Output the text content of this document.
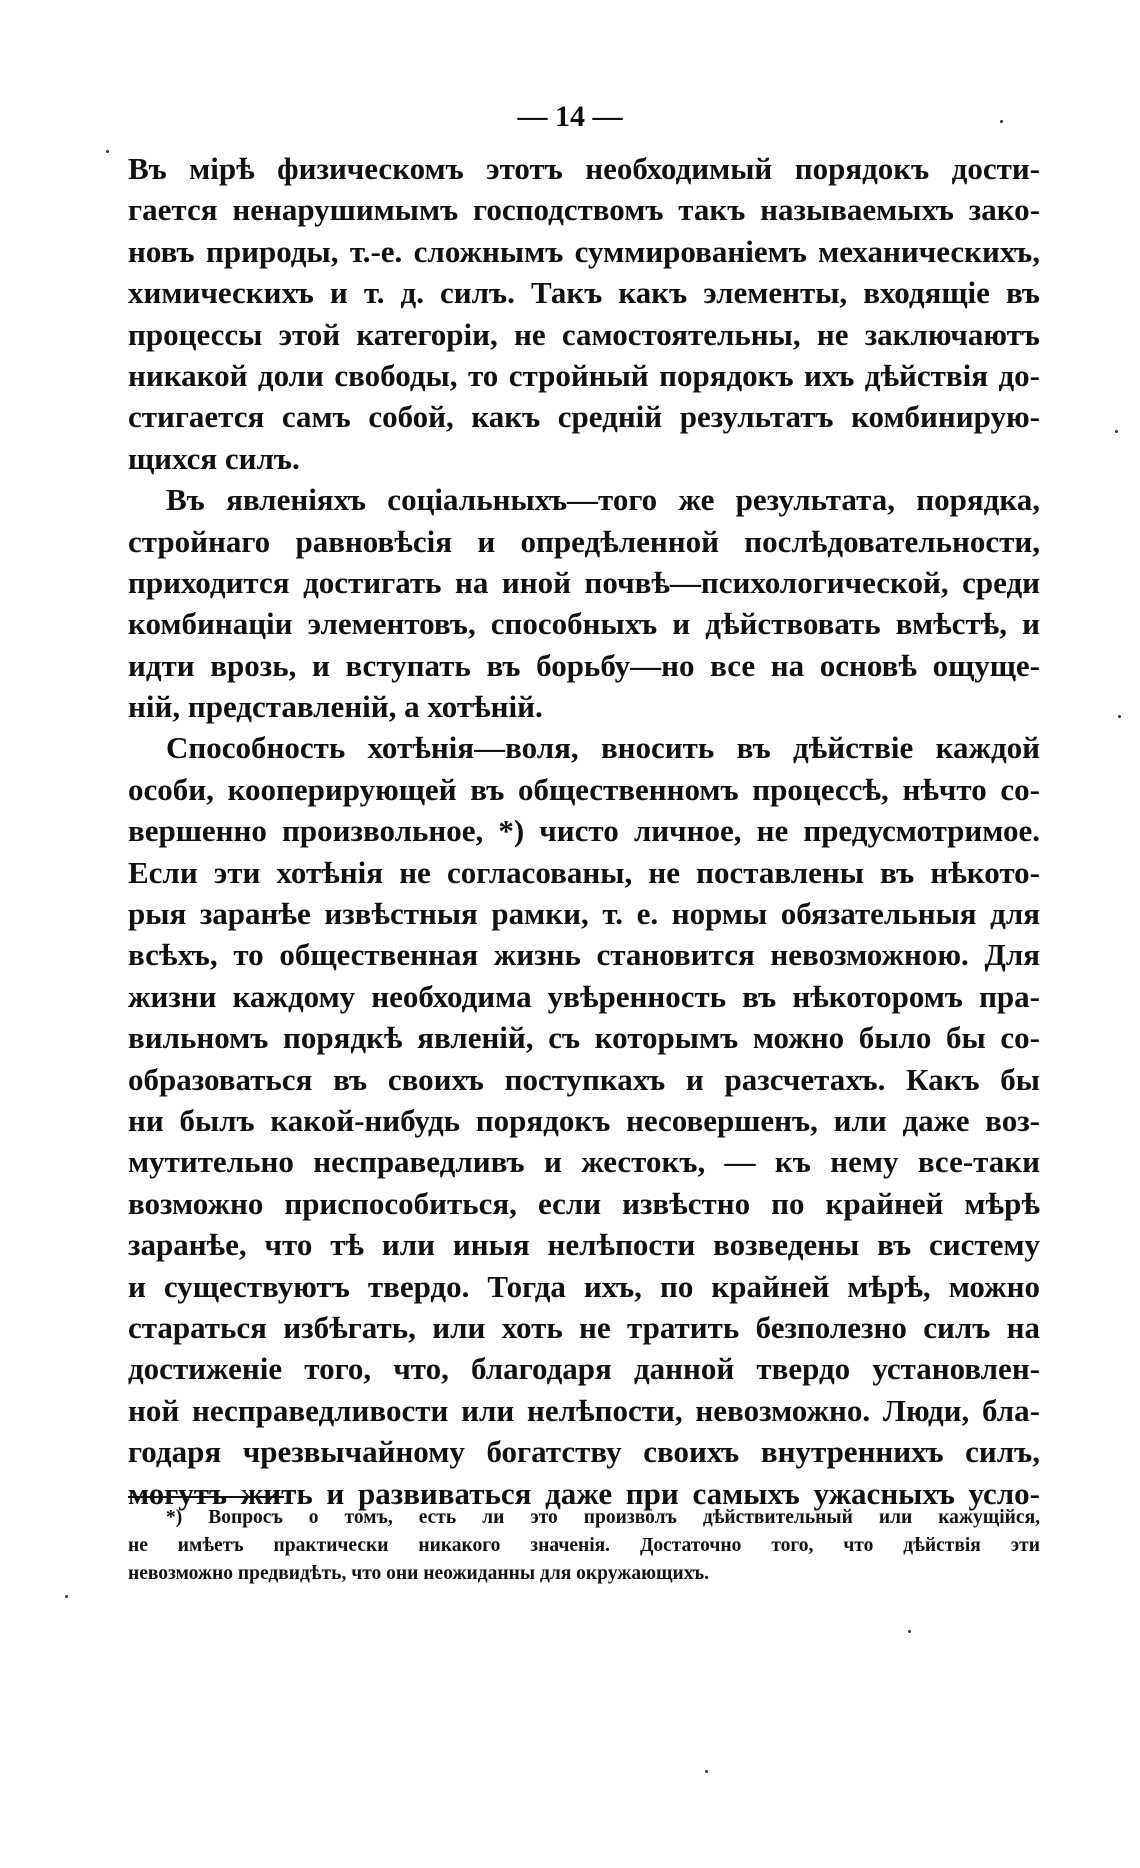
— 14 —
Въ мірѣ физическомъ этотъ необходимый порядокъ дости-
гается ненарушимымъ господствомъ такъ называемыхъ зако-
новъ природы, т.-е. сложнымъ суммированіемъ механическихъ,
химическихъ и т. д. силъ. Такъ какъ элементы, входящіе въ
процессы этой категоріи, не самостоятельны, не заключаютъ
никакой доли свободы, то стройный порядокъ ихъ дѣйствія до-
стигается самъ собой, какъ средній результатъ комбинирую-
щихся силъ.
Въ явленіяхъ соціальныхъ—того же результата, порядка,
стройнаго равновѣсія и опредѣленной послѣдовательности,
приходится достигать на иной почвѣ—психологической, среди
комбинаціи элементовъ, способныхъ и дѣйствовать вмѣстѣ, и
идти врозь, и вступать въ борьбу—но все на основѣ ощуще-
ній, представленій, а хотѣній.
Способность хотѣнія—воля, вносить въ дѣйствіе каждой
особи, кооперирующей въ общественномъ процессѣ, нѣчто со-
вершенно произвольное, *) чисто личное, не предусмотримое.
Если эти хотѣнія не согласованы, не поставлены въ нѣкото-
рыя заранѣе извѣстныя рамки, т. е. нормы обязательныя для
всѣхъ, то общественная жизнь становится невозможною. Для
жизни каждому необходима увѣренность въ нѣкоторомъ пра-
вильномъ порядкѣ явленій, съ которымъ можно было бы со-
образоваться въ своихъ поступкахъ и разсчетахъ. Какъ бы
ни былъ какой-нибудь порядокъ несовершенъ, или даже воз-
мутительно несправедливъ и жестокъ, — къ нему все-таки
возможно приспособиться, если извѣстно по крайней мѣрѣ
заранѣе, что тѣ или иныя нелѣпости возведены въ систему
и существуютъ твердо. Тогда ихъ, по крайней мѣрѣ, можно
стараться избѣгать, или хоть не тратить безполезно силъ на
достиженіе того, что, благодаря данной твердо установлен-
ной несправедливости или нелѣпости, невозможно. Люди, бла-
годаря чрезвычайному богатству своихъ внутреннихъ силъ,
могутъ жить и развиваться даже при самыхъ ужасныхъ усло-
*) Вопросъ о томъ, есть ли это произволъ дѣйствительный или кажущійся,
не имѣетъ практически никакого значенія. Достаточно того, что дѣйствія эти
невозможно предвидѣть, что они неожиданны для окружающихъ.
